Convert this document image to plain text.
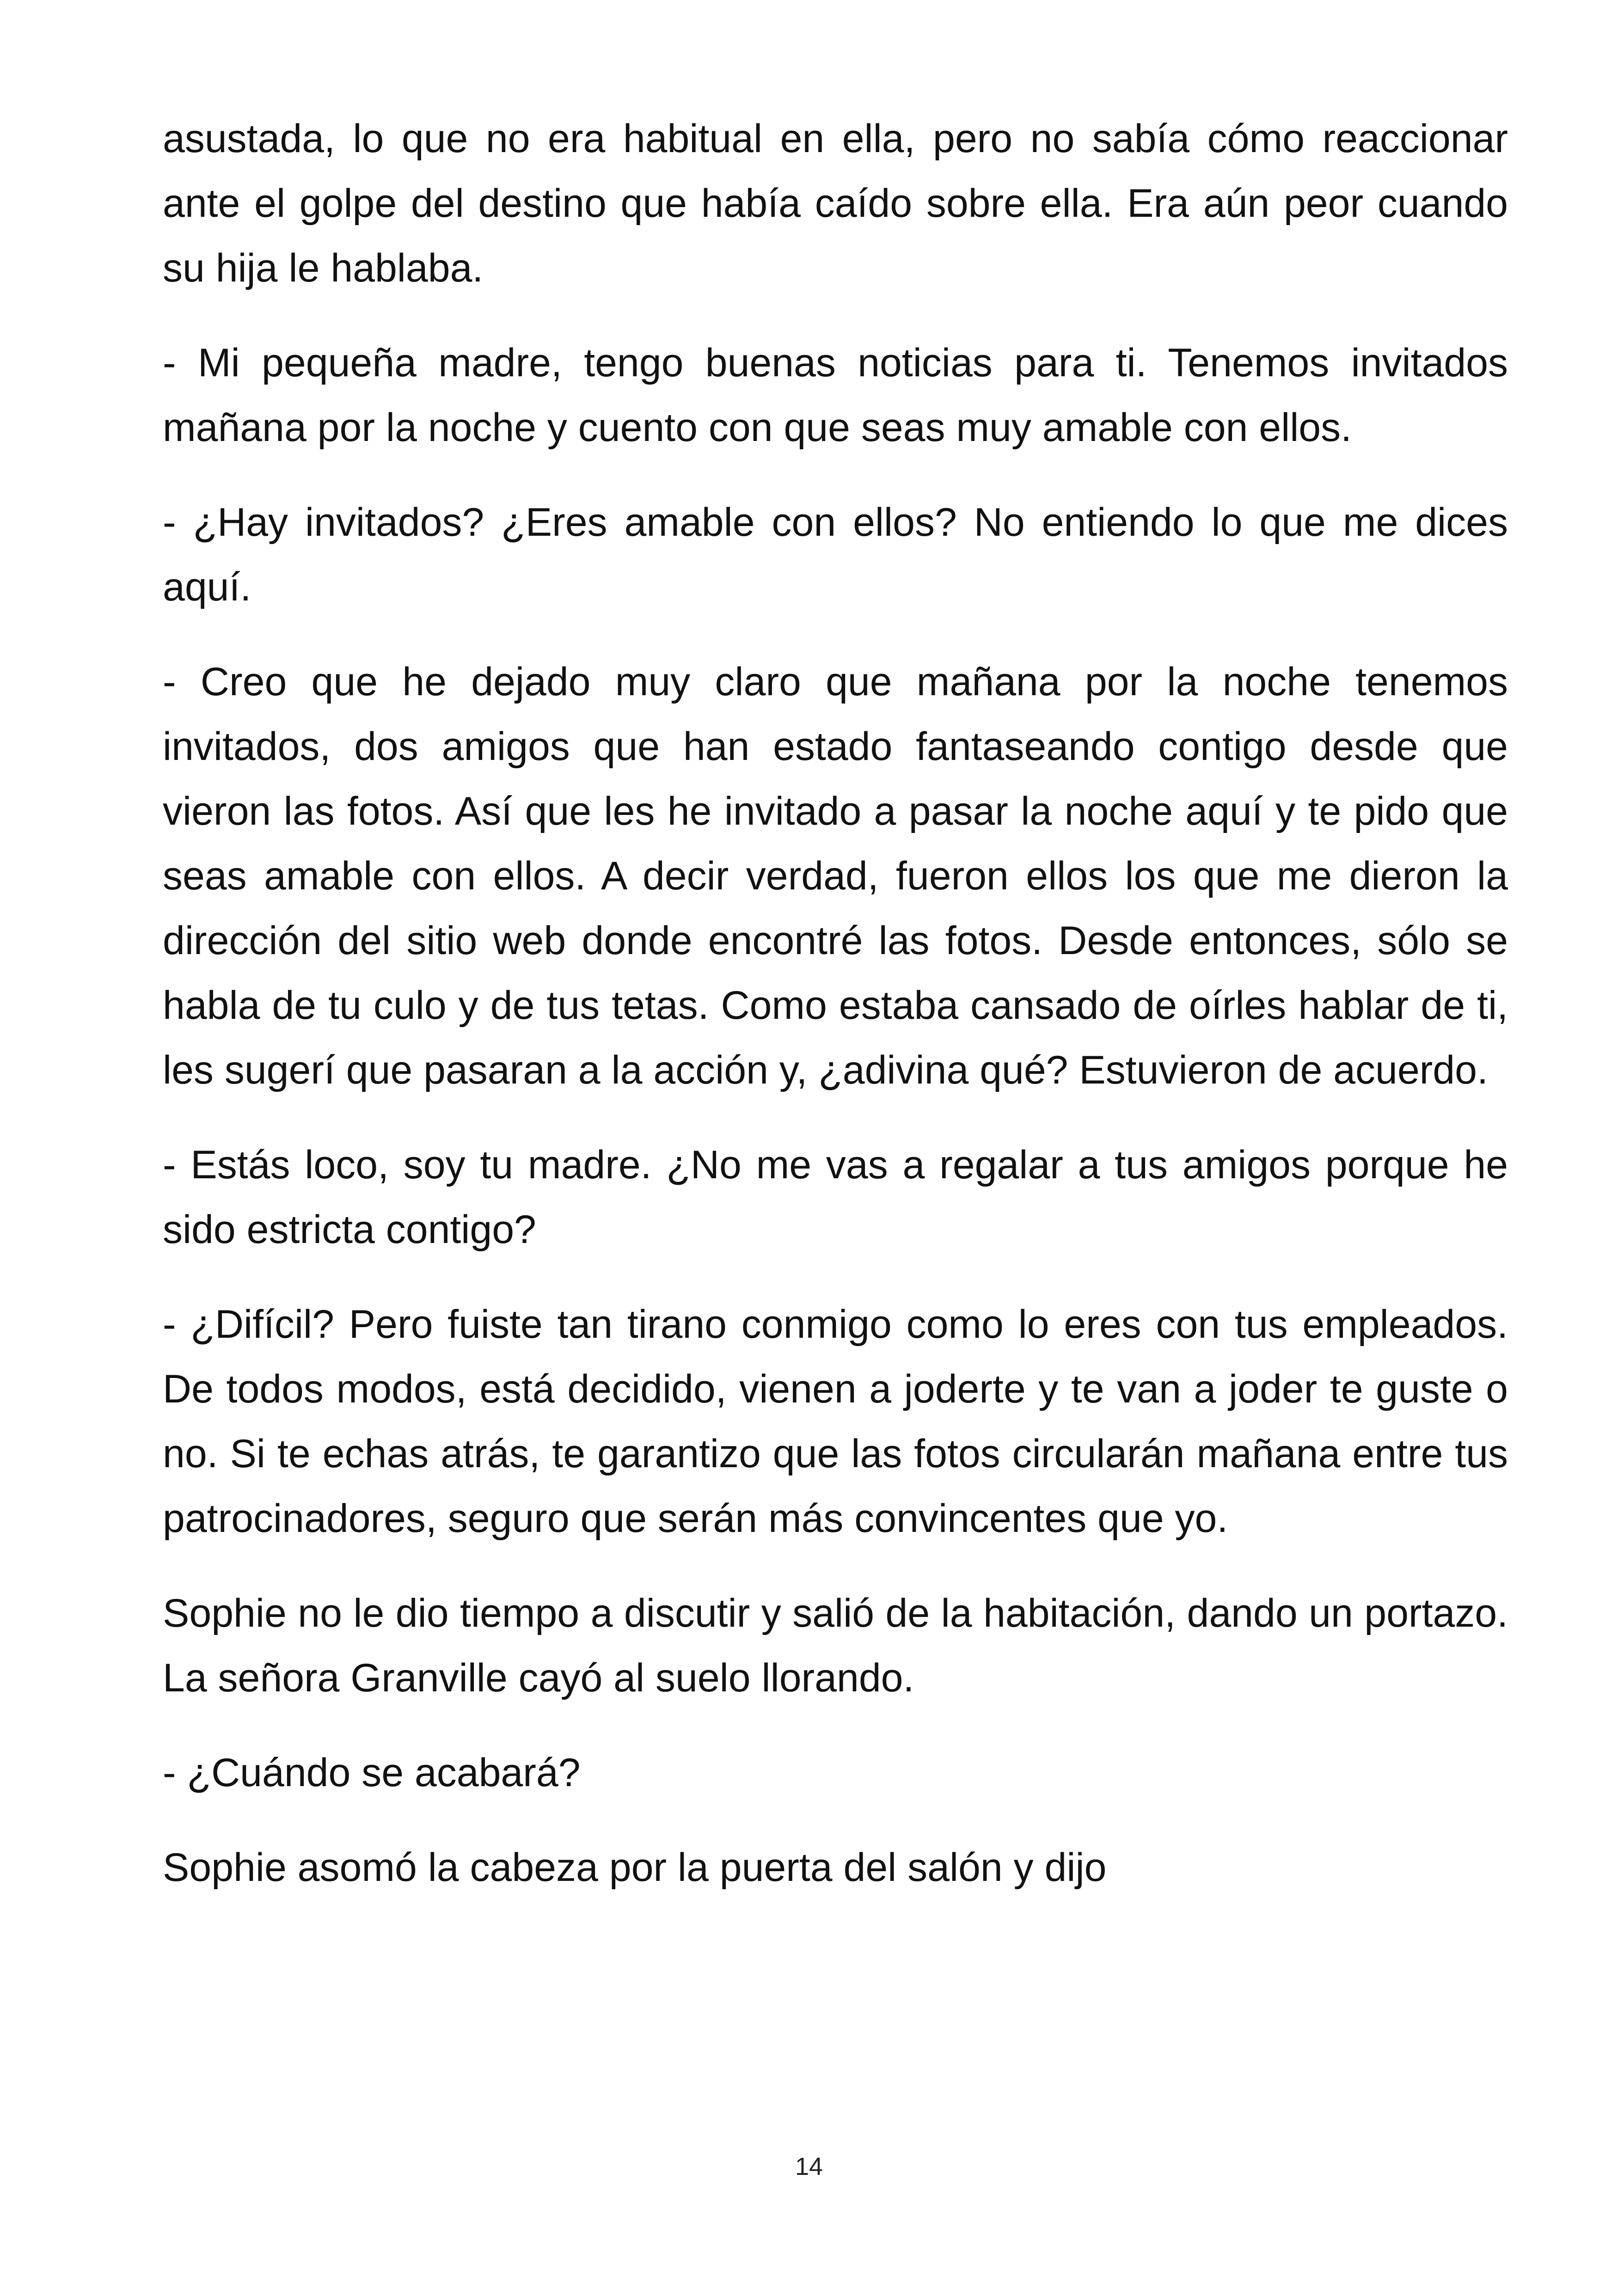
asustada, lo que no era habitual en ella, pero no sabía cómo reaccionar ante el golpe del destino que había caído sobre ella. Era aún peor cuando su hija le hablaba.

- Mi pequeña madre, tengo buenas noticias para ti. Tenemos invitados mañana por la noche y cuento con que seas muy amable con ellos.

- ¿Hay invitados? ¿Eres amable con ellos? No entiendo lo que me dices aquí.

- Creo que he dejado muy claro que mañana por la noche tenemos invitados, dos amigos que han estado fantaseando contigo desde que vieron las fotos. Así que les he invitado a pasar la noche aquí y te pido que seas amable con ellos. A decir verdad, fueron ellos los que me dieron la dirección del sitio web donde encontré las fotos. Desde entonces, sólo se habla de tu culo y de tus tetas. Como estaba cansado de oírles hablar de ti, les sugerí que pasaran a la acción y, ¿adivina qué? Estuvieron de acuerdo.

- Estás loco, soy tu madre. ¿No me vas a regalar a tus amigos porque he sido estricta contigo?

- ¿Difícil? Pero fuiste tan tirano conmigo como lo eres con tus empleados. De todos modos, está decidido, vienen a joderte y te van a joder te guste o no. Si te echas atrás, te garantizo que las fotos circularán mañana entre tus patrocinadores, seguro que serán más convincentes que yo.

Sophie no le dio tiempo a discutir y salió de la habitación, dando un portazo. La señora Granville cayó al suelo llorando.

- ¿Cuándo se acabará?

Sophie asomó la cabeza por la puerta del salón y dijo

14
